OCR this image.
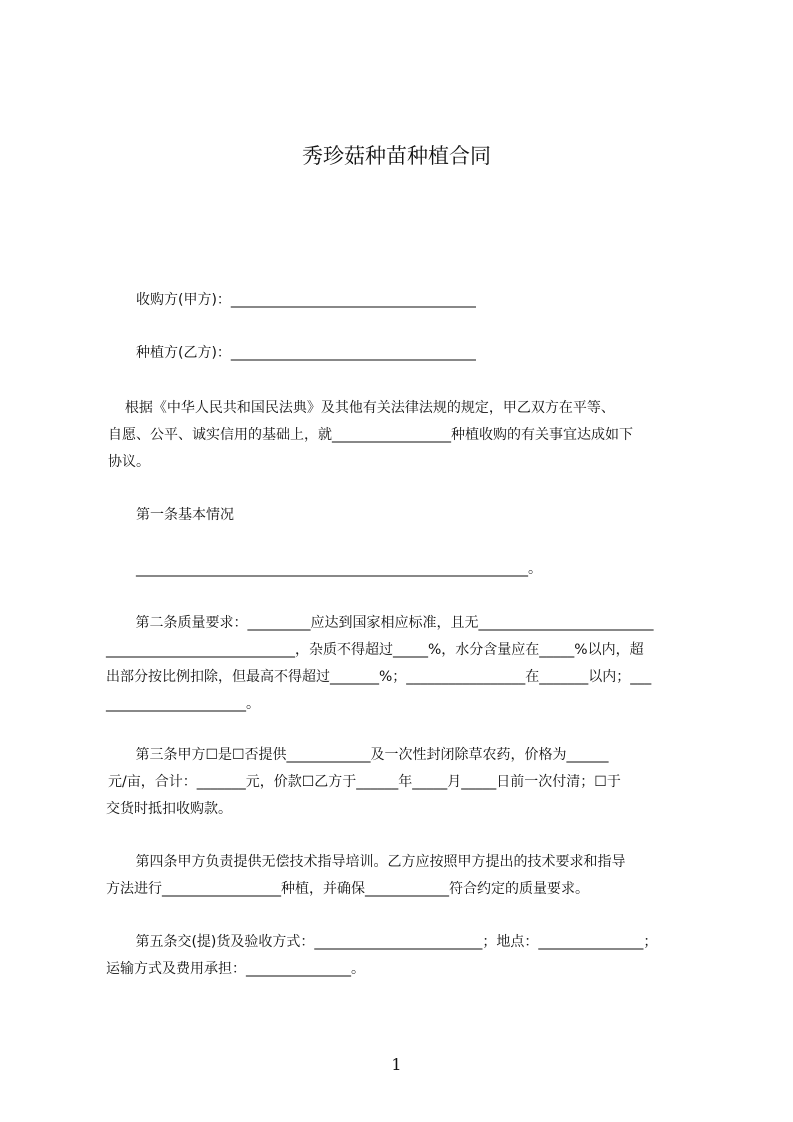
秀珍菇种苗种植合同

收购方(甲方)：___________________________________

种植方(乙方)：___________________________________

根据《中华人民共和国民法典》及其他有关法律法规的规定，甲乙双方在平等、

自愿、公平、诚实信用的基础上，就_________________种植收购的有关事宜达成如下

协议。

第一条基本情况

________________________________________________________。

第二条质量要求：_________应达到国家相应标准，且无_________________________

___________________________，杂质不得超过_____%，水分含量应在_____%以内，超

出部分按比例扣除，但最高不得超过_______%；_________________在_______以内；___

____________________。

第三条甲方☐是☐否提供____________及一次性封闭除草农药，价格为______

元/亩，合计：_______元，价款☐乙方于______年_____月_____日前一次付清；☐于

交货时抵扣收购款。

第四条甲方负责提供无偿技术指导培训。乙方应按照甲方提出的技术要求和指导

方法进行_________________种植，并确保____________符合约定的质量要求。

第五条交(提)货及验收方式：________________________；地点：_______________；

运输方式及费用承担：_______________。

1
